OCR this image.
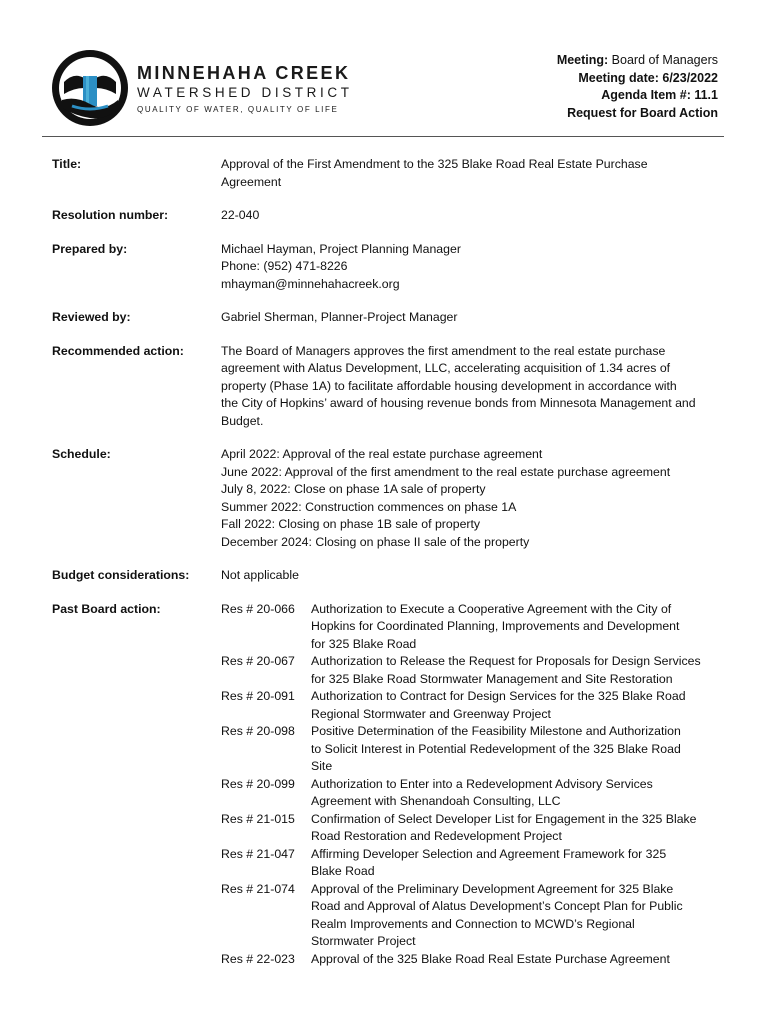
MINNEHAHA CREEK
WATERSHED DISTRICT
QUALITY OF WATER, QUALITY OF LIFE
Meeting: Board of Managers
Meeting date: 6/23/2022
Agenda Item #: 11.1
Request for Board Action
Title:	Approval of the First Amendment to the 325 Blake Road Real Estate Purchase
Agreement
Resolution number:	22-040
Prepared by:	Michael Hayman, Project Planning Manager
Phone: (952) 471-8226
mhayman@minnehahacreek.org
Reviewed by:	Gabriel Sherman, Planner-Project Manager
Recommended action:	The Board of Managers approves the first amendment to the real estate purchase
agreement with Alatus Development, LLC, accelerating acquisition of 1.34 acres of
property (Phase 1A) to facilitate affordable housing development in accordance with
the City of Hopkins’ award of housing revenue bonds from Minnesota Management and
Budget.
Schedule:	April 2022: Approval of the real estate purchase agreement
June 2022: Approval of the first amendment to the real estate purchase agreement
July 8, 2022: Close on phase 1A sale of property
Summer 2022: Construction commences on phase 1A
Fall 2022: Closing on phase 1B sale of property
December 2024: Closing on phase II sale of the property
Budget considerations:	Not applicable
Past Board action:	Res # 20-066	Authorization to Execute a Cooperative Agreement with the City of
Hopkins for Coordinated Planning, Improvements and Development
for 325 Blake Road
Res # 20-067	Authorization to Release the Request for Proposals for Design Services
for 325 Blake Road Stormwater Management and Site Restoration
Res # 20-091	Authorization to Contract for Design Services for the 325 Blake Road
Regional Stormwater and Greenway Project
Res # 20-098	Positive Determination of the Feasibility Milestone and Authorization
to Solicit Interest in Potential Redevelopment of the 325 Blake Road
Site
Res # 20-099	Authorization to Enter into a Redevelopment Advisory Services
Agreement with Shenandoah Consulting, LLC
Res # 21-015	Confirmation of Select Developer List for Engagement in the 325 Blake
Road Restoration and Redevelopment Project
Res # 21-047	Affirming Developer Selection and Agreement Framework for 325
Blake Road
Res # 21-074	Approval of the Preliminary Development Agreement for 325 Blake
Road and Approval of Alatus Development’s Concept Plan for Public
Realm Improvements and Connection to MCWD’s Regional
Stormwater Project
Res # 22-023	Approval of the 325 Blake Road Real Estate Purchase Agreement
